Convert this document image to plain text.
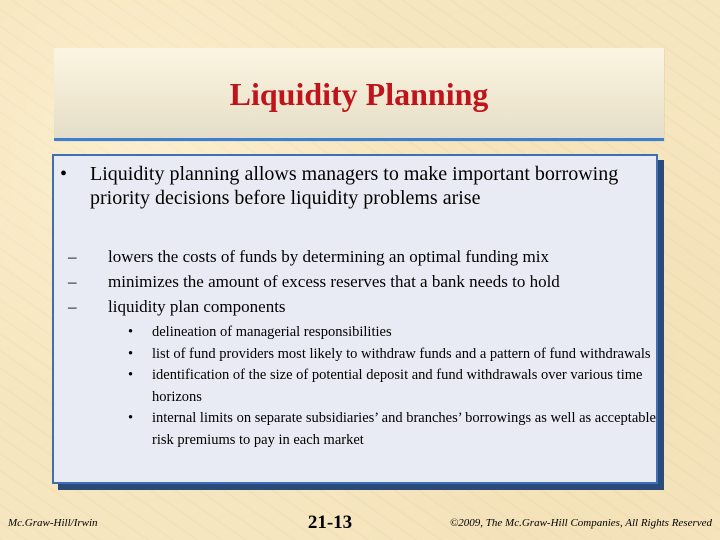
Liquidity Planning
• Liquidity planning allows managers to make important borrowing priority decisions before liquidity problems arise
– lowers the costs of funds by determining an optimal funding mix
– minimizes the amount of excess reserves that a bank needs to hold
– liquidity plan components
• delineation of managerial responsibilities
• list of fund providers most likely to withdraw funds and a pattern of fund withdrawals
• identification of the size of potential deposit and fund withdrawals over various time horizons
• internal limits on separate subsidiaries’ and branches’ borrowings as well as acceptable risk premiums to pay in each market
Mc.Graw-Hill/Irwin	21-13	©2009, The Mc.Graw-Hill Companies, All Rights Reserved
